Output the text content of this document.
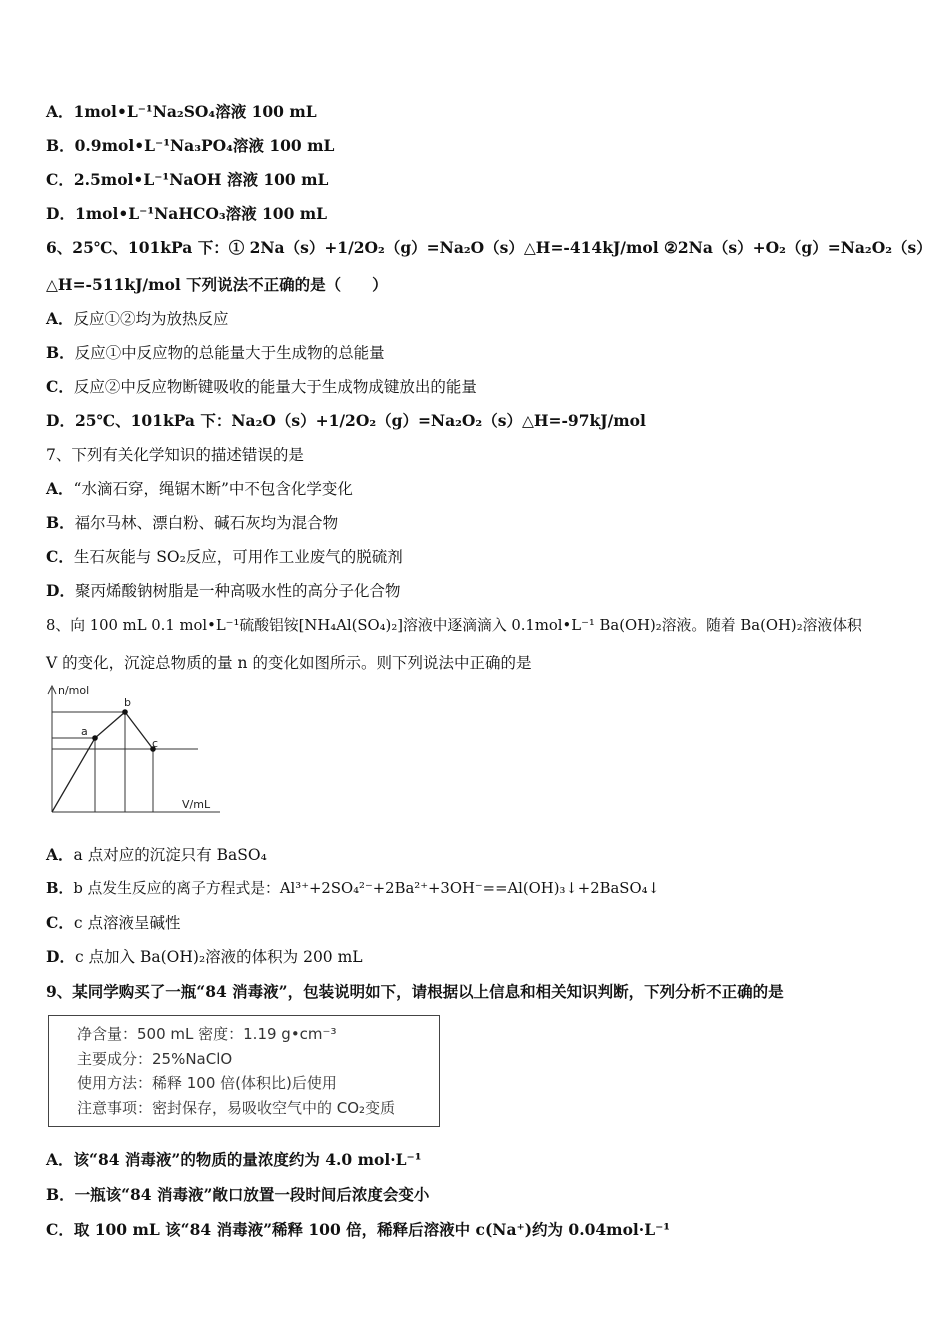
A．1mol•L⁻¹Na₂SO₄溶液 100 mL
B．0.9mol•L⁻¹Na₃PO₄溶液 100 mL
C．2.5mol•L⁻¹NaOH 溶液 100 mL
D．1mol•L⁻¹NaHCO₃溶液 100 mL
6、25℃、101kPa 下：① 2Na（s）+1/2O₂（g）=Na₂O（s）△H=-414kJ/mol ②2Na（s）+O₂（g）=Na₂O₂（s）
△H=-511kJ/mol 下列说法不正确的是（　　）
A．反应①②均为放热反应
B．反应①中反应物的总能量大于生成物的总能量
C．反应②中反应物断键吸收的能量大于生成物成键放出的能量
D．25℃、101kPa 下：Na₂O（s）+1/2O₂（g）=Na₂O₂（s）△H=-97kJ/mol
7、下列有关化学知识的描述错误的是
A．“水滴石穿，绳锯木断”中不包含化学变化
B．福尔马林、漂白粉、碱石灰均为混合物
C．生石灰能与 SO₂反应，可用作工业废气的脱硫剂
D．聚丙烯酸钠树脂是一种高吸水性的高分子化合物
8、向 100 mL 0.1 mol•L⁻¹硫酸铝铵[NH₄Al(SO₄)₂]溶液中逐滴滴入 0.1mol•L⁻¹ Ba(OH)₂溶液。随着 Ba(OH)₂溶液体积
V 的变化，沉淀总物质的量 n 的变化如图所示。则下列说法中正确的是
n/mol
V/mL
a
b
c
A．a 点对应的沉淀只有 BaSO₄
B．b 点发生反应的离子方程式是：Al³⁺+2SO₄²⁻+2Ba²⁺+3OH⁻==Al(OH)₃↓+2BaSO₄↓
C．c 点溶液呈碱性
D．c 点加入 Ba(OH)₂溶液的体积为 200 mL
9、某同学购买了一瓶“84 消毒液”，包装说明如下，请根据以上信息和相关知识判断，下列分析不正确的是
净含量：500 mL 密度：1.19 g•cm⁻³
主要成分：25%NaClO
使用方法：稀释 100 倍(体积比)后使用
注意事项：密封保存，易吸收空气中的 CO₂变质
A．该“84 消毒液”的物质的量浓度约为 4.0 mol·L⁻¹
B．一瓶该“84 消毒液”敞口放置一段时间后浓度会变小
C．取 100 mL 该“84 消毒液”稀释 100 倍，稀释后溶液中 c(Na⁺)约为 0.04mol·L⁻¹
